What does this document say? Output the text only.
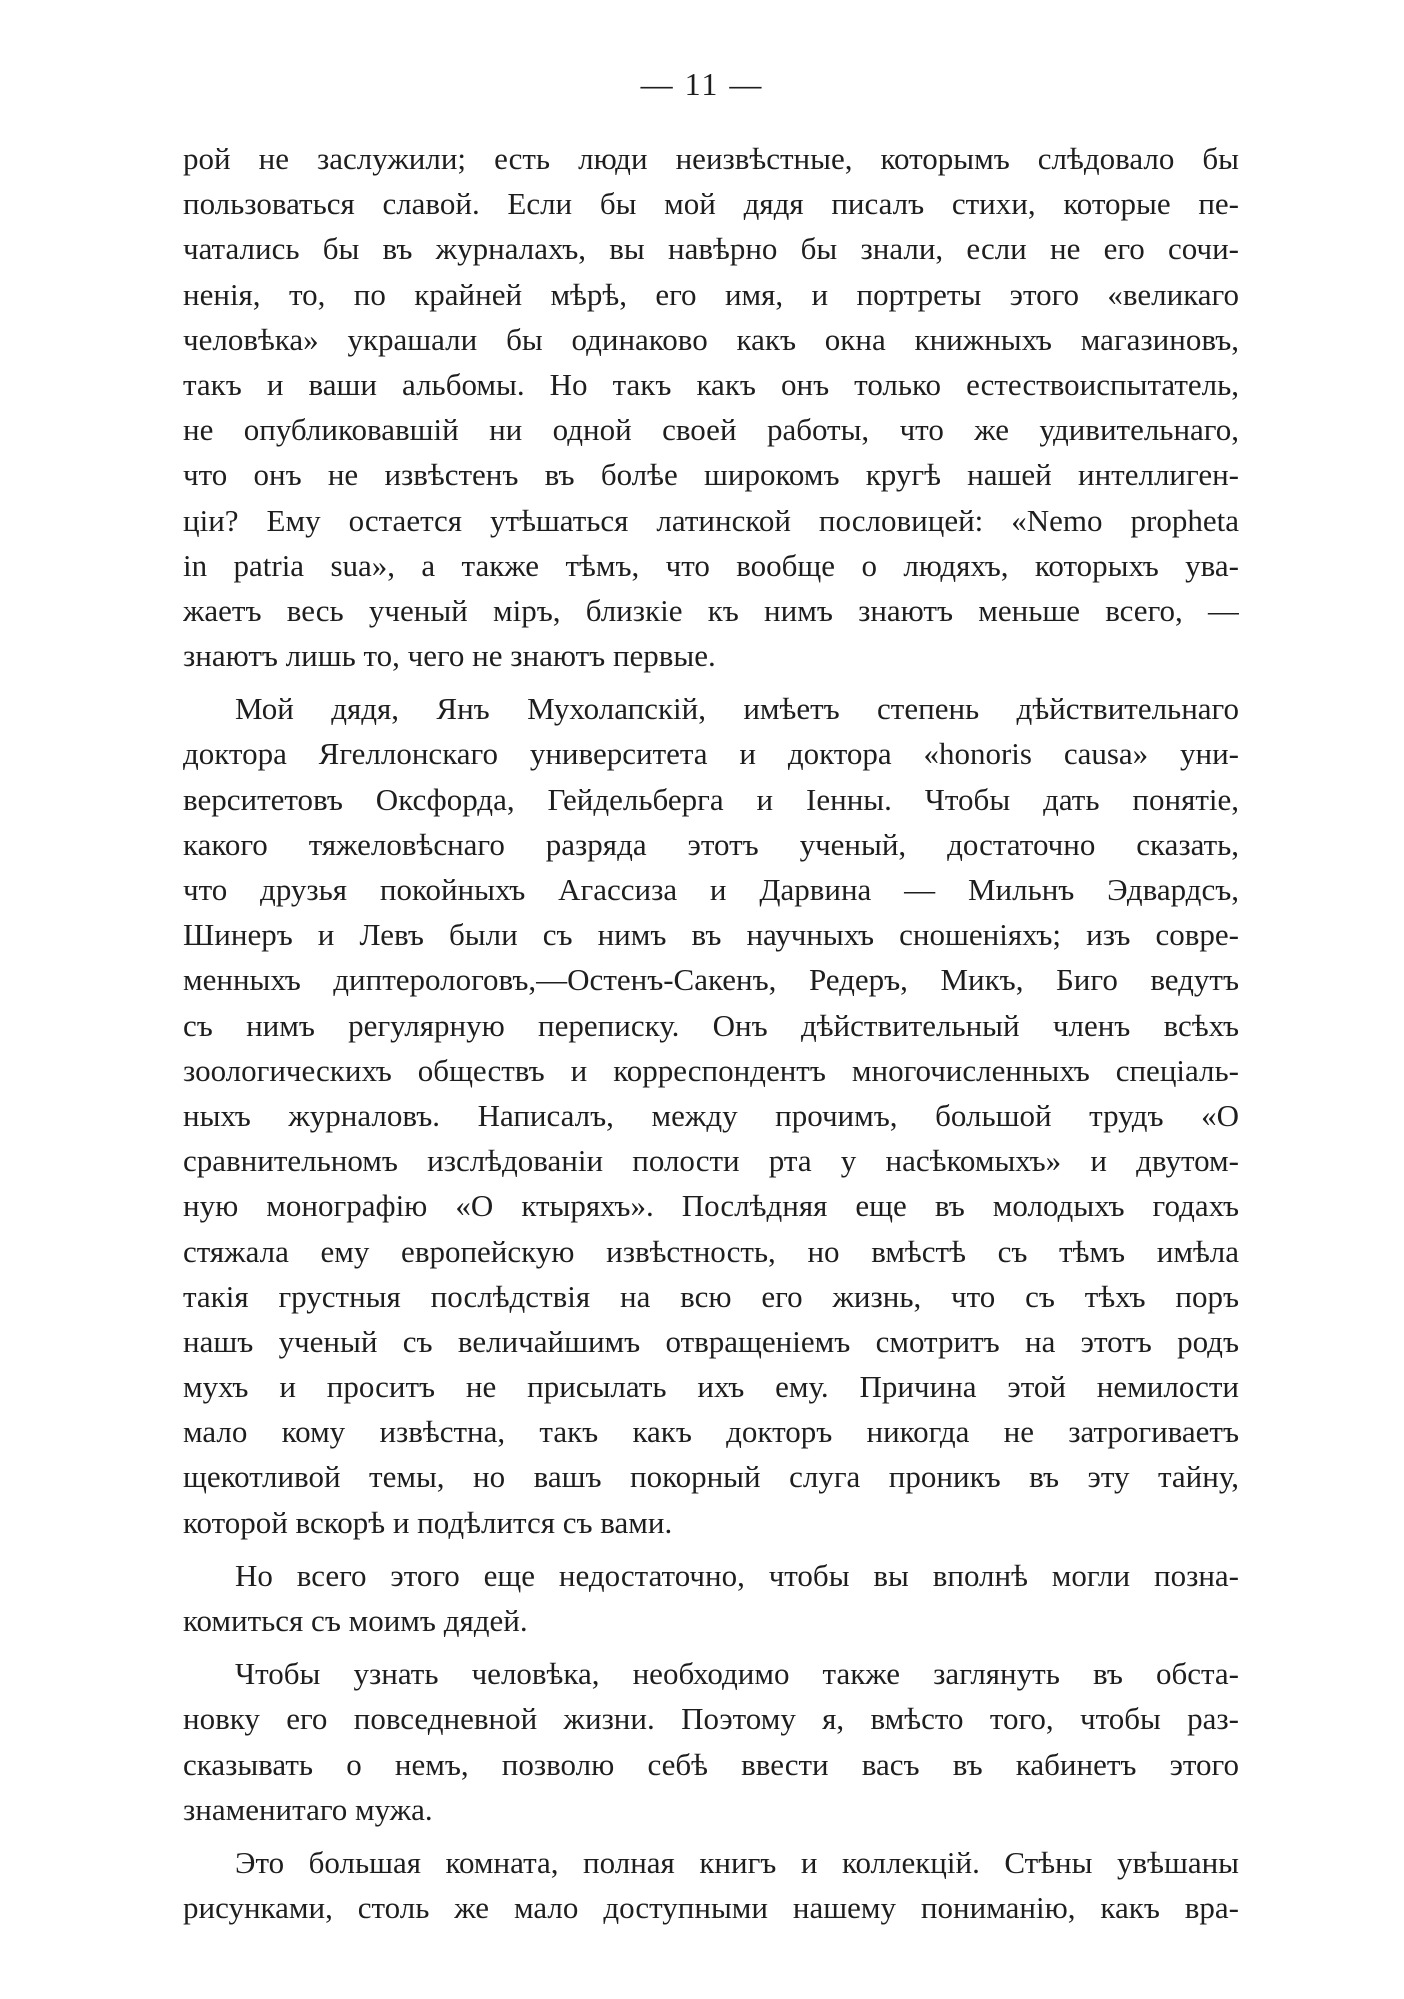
— 11 —
рой не заслужили; есть люди неизвѣстные, которымъ слѣдовало бы
пользоваться славой. Если бы мой дядя писалъ стихи, которые пе-
чатались бы въ журналахъ, вы навѣрно бы знали, если не его сочи-
ненія, то, по крайней мѣрѣ, его имя, и портреты этого «великаго
человѣка» украшали бы одинаково какъ окна книжныхъ магазиновъ,
такъ и ваши альбомы. Но такъ какъ онъ только естествоиспытатель,
не опубликовавшій ни одной своей работы, что же удивительнаго,
что онъ не извѣстенъ въ болѣе широкомъ кругѣ нашей интеллиген-
ціи? Ему остается утѣшаться латинской пословицей: «Nemo propheta
in patria sua», а также тѣмъ, что вообще о людяхъ, которыхъ ува-
жаетъ весь ученый міръ, близкіе къ нимъ знаютъ меньше всего, —
знаютъ лишь то, чего не знаютъ первые.
Мой дядя, Янъ Мухолапскій, имѣетъ степень дѣйствительнаго
доктора Ягеллонскаго университета и доктора «honoris causa» уни-
верситетовъ Оксфорда, Гейдельберга и Іенны. Чтобы дать понятіе,
какого тяжеловѣснаго разряда этотъ ученый, достаточно сказать,
что друзья покойныхъ Агассиза и Дарвина — Мильнъ Эдвардсъ,
Шинеръ и Левъ были съ нимъ въ научныхъ сношеніяхъ; изъ совре-
менныхъ диптерологовъ,—Остенъ-Сакенъ, Редеръ, Микъ, Биго ведутъ
съ нимъ регулярную переписку. Онъ дѣйствительный членъ всѣхъ
зоологическихъ обществъ и корреспондентъ многочисленныхъ спеціаль-
ныхъ журналовъ. Написалъ, между прочимъ, большой трудъ «О
сравнительномъ изслѣдованіи полости рта у насѣкомыхъ» и двутом-
ную монографію «О ктыряхъ». Послѣдняя еще въ молодыхъ годахъ
стяжала ему европейскую извѣстность, но вмѣстѣ съ тѣмъ имѣла
такія грустныя послѣдствія на всю его жизнь, что съ тѣхъ поръ
нашъ ученый съ величайшимъ отвращеніемъ смотритъ на этотъ родъ
мухъ и проситъ не присылать ихъ ему. Причина этой немилости
мало кому извѣстна, такъ какъ докторъ никогда не затрогиваетъ
щекотливой темы, но вашъ покорный слуга проникъ въ эту тайну,
которой вскорѣ и подѣлится съ вами.
Но всего этого еще недостаточно, чтобы вы вполнѣ могли позна-
комиться съ моимъ дядей.
Чтобы узнать человѣка, необходимо также заглянуть въ обста-
новку его повседневной жизни. Поэтому я, вмѣсто того, чтобы раз-
сказывать о немъ, позволю себѣ ввести васъ въ кабинетъ этого
знаменитаго мужа.
Это большая комната, полная книгъ и коллекцій. Стѣны увѣшаны
рисунками, столь же мало доступными нашему пониманію, какъ вра-
